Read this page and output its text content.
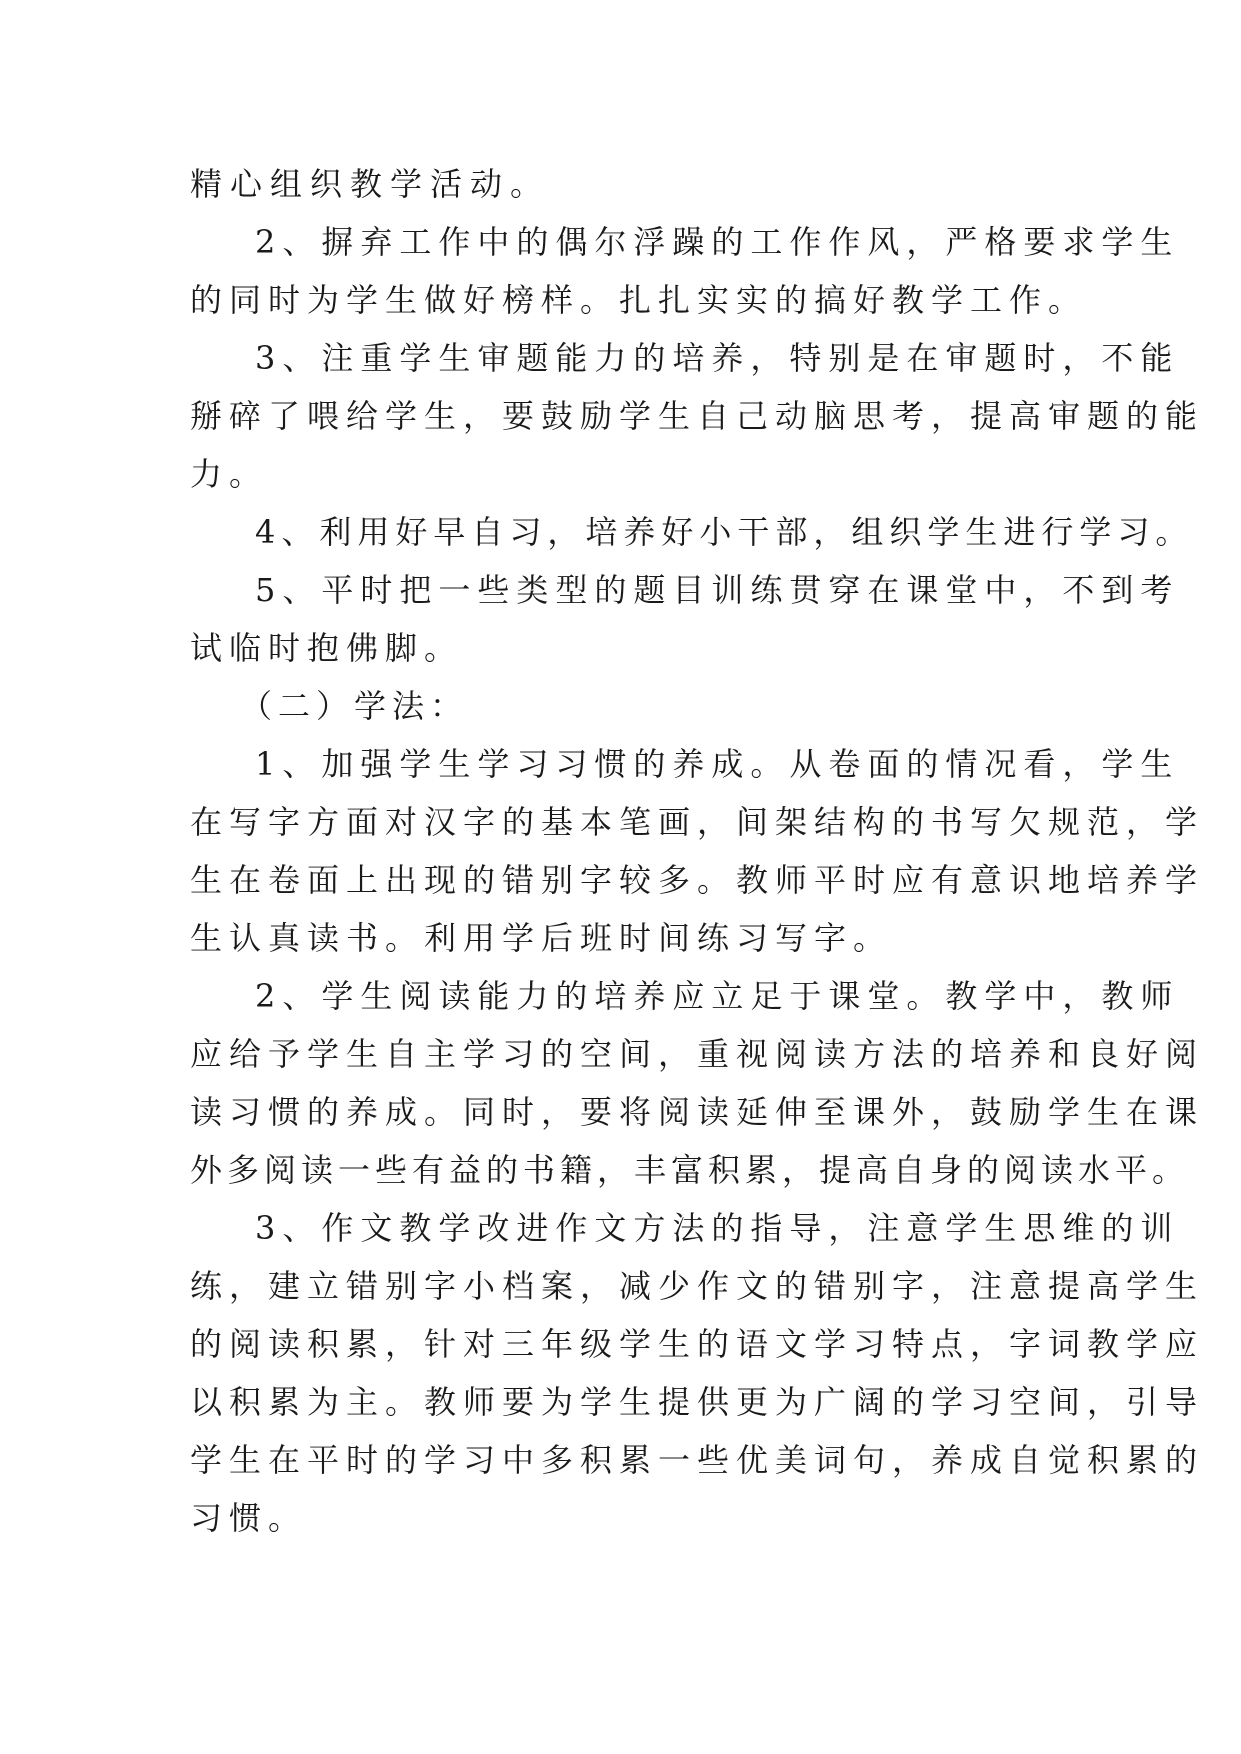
精心组织教学活动。
2、摒弃工作中的偶尔浮躁的工作作风，严格要求学生
的同时为学生做好榜样。扎扎实实的搞好教学工作。
3、注重学生审题能力的培养，特别是在审题时，不能
掰碎了喂给学生，要鼓励学生自己动脑思考，提高审题的能
力。
4、利用好早自习，培养好小干部，组织学生进行学习。
5、平时把一些类型的题目训练贯穿在课堂中，不到考
试临时抱佛脚。
（二）学法：
1、加强学生学习习惯的养成。从卷面的情况看，学生
在写字方面对汉字的基本笔画，间架结构的书写欠规范，学
生在卷面上出现的错别字较多。教师平时应有意识地培养学
生认真读书。利用学后班时间练习写字。
2、学生阅读能力的培养应立足于课堂。教学中，教师
应给予学生自主学习的空间，重视阅读方法的培养和良好阅
读习惯的养成。同时，要将阅读延伸至课外，鼓励学生在课
外多阅读一些有益的书籍，丰富积累，提高自身的阅读水平。
3、作文教学改进作文方法的指导，注意学生思维的训
练，建立错别字小档案，减少作文的错别字，注意提高学生
的阅读积累，针对三年级学生的语文学习特点，字词教学应
以积累为主。教师要为学生提供更为广阔的学习空间，引导
学生在平时的学习中多积累一些优美词句，养成自觉积累的
习惯。
